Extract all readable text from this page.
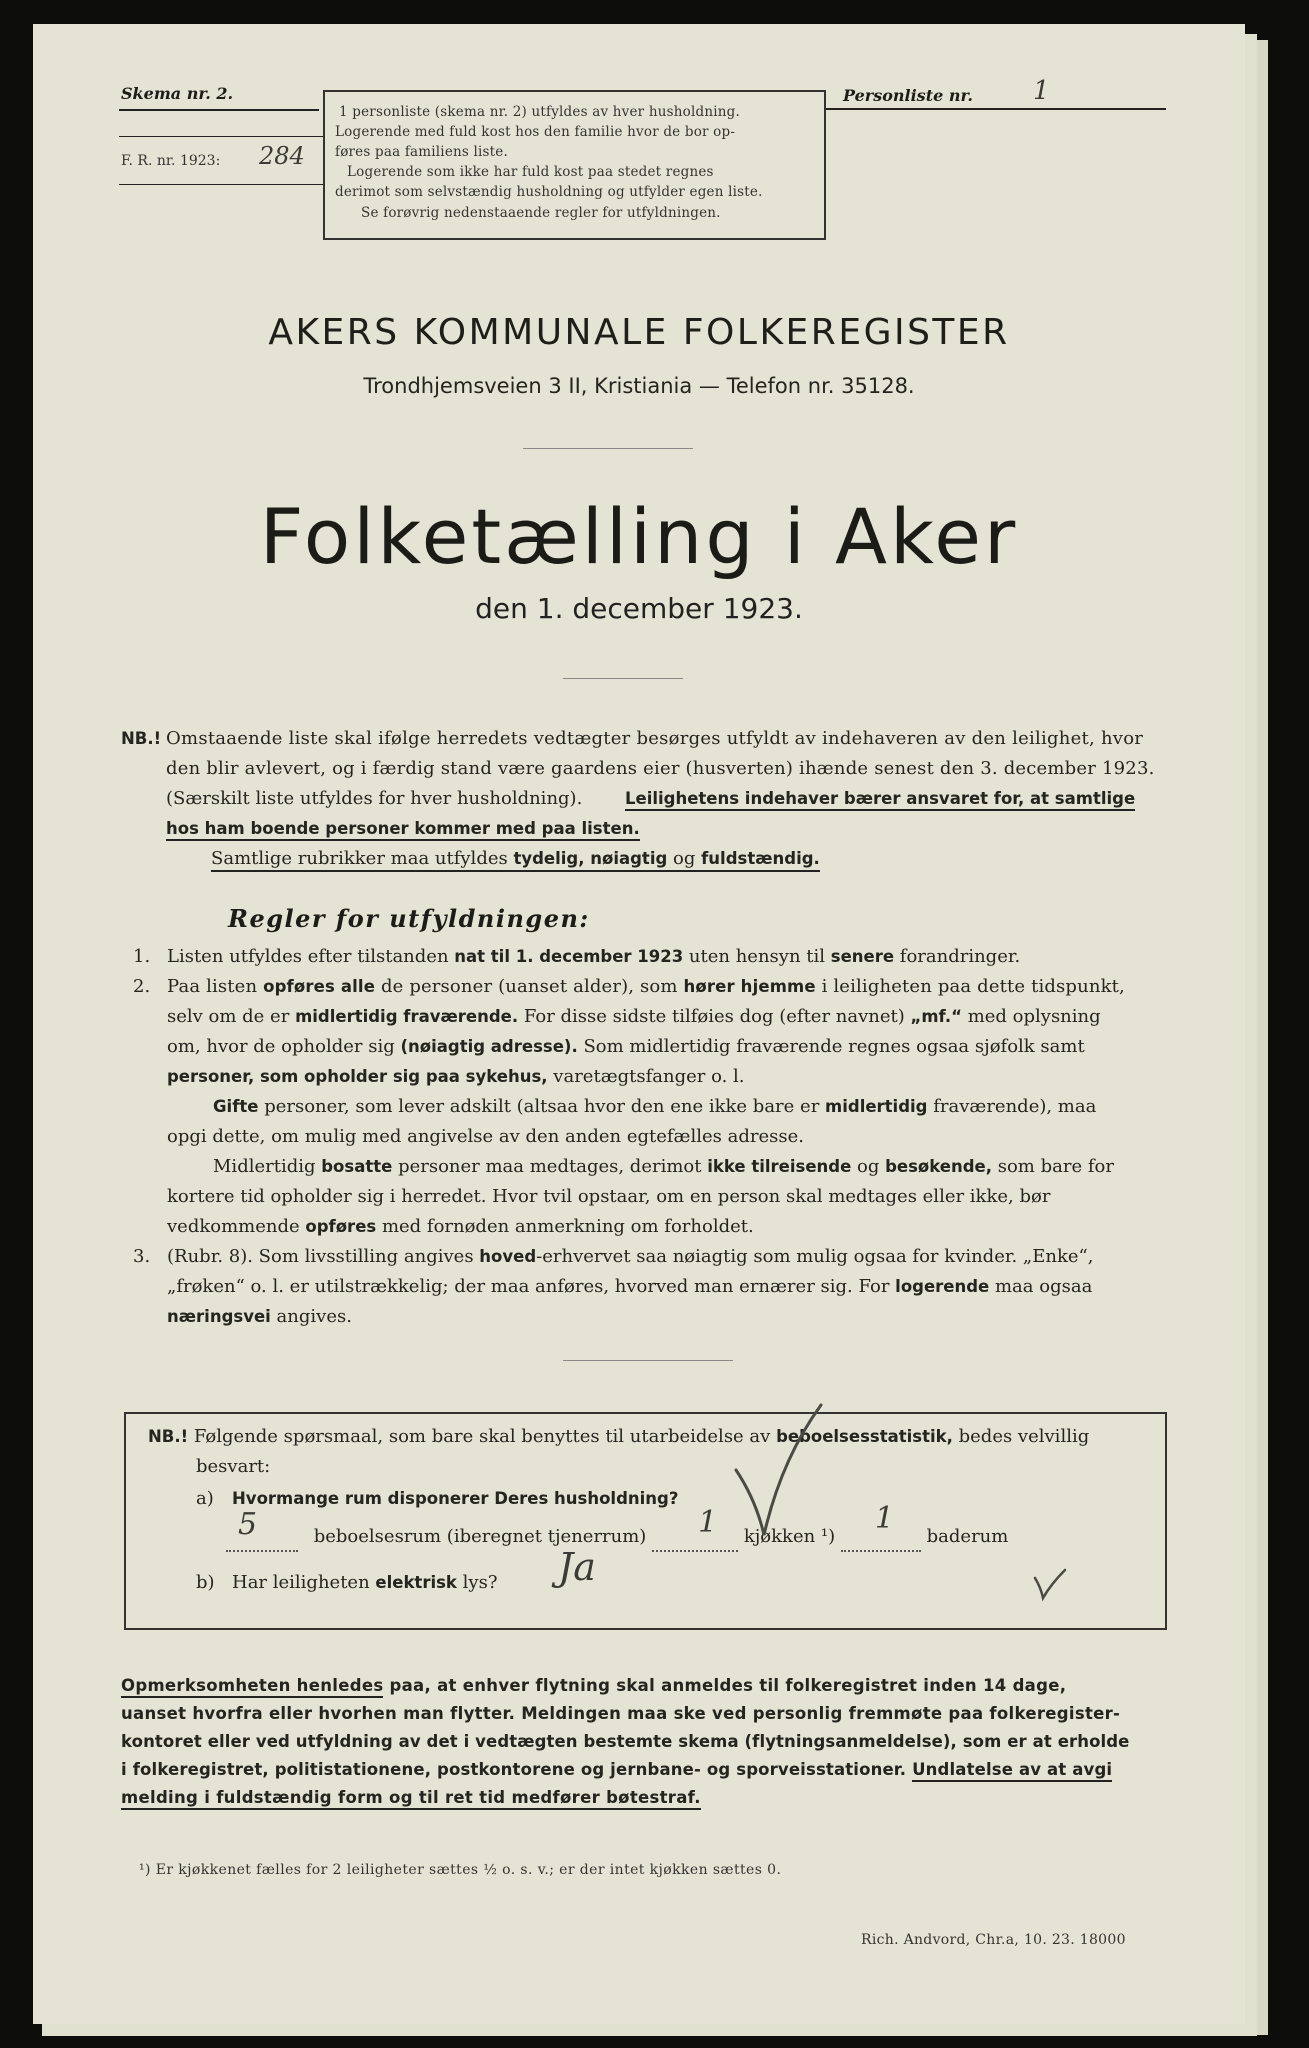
Skema nr. 2.
F. R. nr. 1923: 284
1 personliste (skema nr. 2) utfyldes av hver husholdning.
Logerende med fuld kost hos den familie hvor de bor op-
føres paa familiens liste.
Logerende som ikke har fuld kost paa stedet regnes
derimot som selvstændig husholdning og utfylder egen liste.
Se forøvrig nedenstaaende regler for utfyldningen.
Personliste nr. 1
AKERS KOMMUNALE FOLKEREGISTER
Trondhjemsveien 3 II, Kristiania — Telefon nr. 35128.
Folketælling i Aker
den 1. december 1923.
NB.! Omstaaende liste skal ifølge herredets vedtægter besørges utfyldt av indehaveren av den leilighet, hvor
den blir avlevert, og i færdig stand være gaardens eier (husverten) ihænde senest den 3. december 1923.
(Særskilt liste utfyldes for hver husholdning).	Leilighetens indehaver bærer ansvaret for, at samtlige
hos ham boende personer kommer med paa listen.
Samtlige rubrikker maa utfyldes tydelig, nøiagtig og fuldstændig.
Regler for utfyldningen:
1. Listen utfyldes efter tilstanden nat til 1. december 1923 uten hensyn til senere forandringer.
2. Paa listen opføres alle de personer (uanset alder), som hører hjemme i leiligheten paa dette tidspunkt,
selv om de er midlertidig fraværende. For disse sidste tilføies dog (efter navnet) „mf.“ med oplysning
om, hvor de opholder sig (nøiagtig adresse). Som midlertidig fraværende regnes ogsaa sjøfolk samt
personer, som opholder sig paa sykehus, varetægtsfanger o. l.
Gifte personer, som lever adskilt (altsaa hvor den ene ikke bare er midlertidig fraværende), maa
opgi dette, om mulig med angivelse av den anden egtefælles adresse.
Midlertidig bosatte personer maa medtages, derimot ikke tilreisende og besøkende, som bare for
kortere tid opholder sig i herredet. Hvor tvil opstaar, om en person skal medtages eller ikke, bør
vedkommende opføres med fornøden anmerkning om forholdet.
3. (Rubr. 8). Som livsstilling angives hoved-erhvervet saa nøiagtig som mulig ogsaa for kvinder. „Enke“,
„frøken“ o. l. er utilstrækkelig; der maa anføres, hvorved man ernærer sig. For logerende maa ogsaa
næringsvei angives.
NB.! Følgende spørsmaal, som bare skal benyttes til utarbeidelse av beboelsesstatistik, bedes velvillig
besvart:
a) Hvormange rum disponerer Deres husholdning?
5	beboelsesrum (iberegnet tjenerrum) 1 kjøkken ¹)
1
baderum
b) Har leiligheten elektrisk lys? Ja
Opmerksomheten henledes paa, at enhver flytning skal anmeldes til folkeregistret inden 14 dage,
uanset hvorfra eller hvorhen man flytter. Meldingen maa ske ved personlig fremmøte paa folkeregister-
kontoret eller ved utfyldning av det i vedtægten bestemte skema (flytningsanmeldelse), som er at erholde
i folkeregistret, politistationene, postkontorene og jernbane- og sporveisstationer. Undlatelse av at avgi
melding i fuldstændig form og til ret tid medfører bøtestraf.
¹) Er kjøkkenet fælles for 2 leiligheter sættes ½ o. s. v.; er der intet kjøkken sættes 0.
Rich. Andvord, Chr.a, 10. 23. 18000
